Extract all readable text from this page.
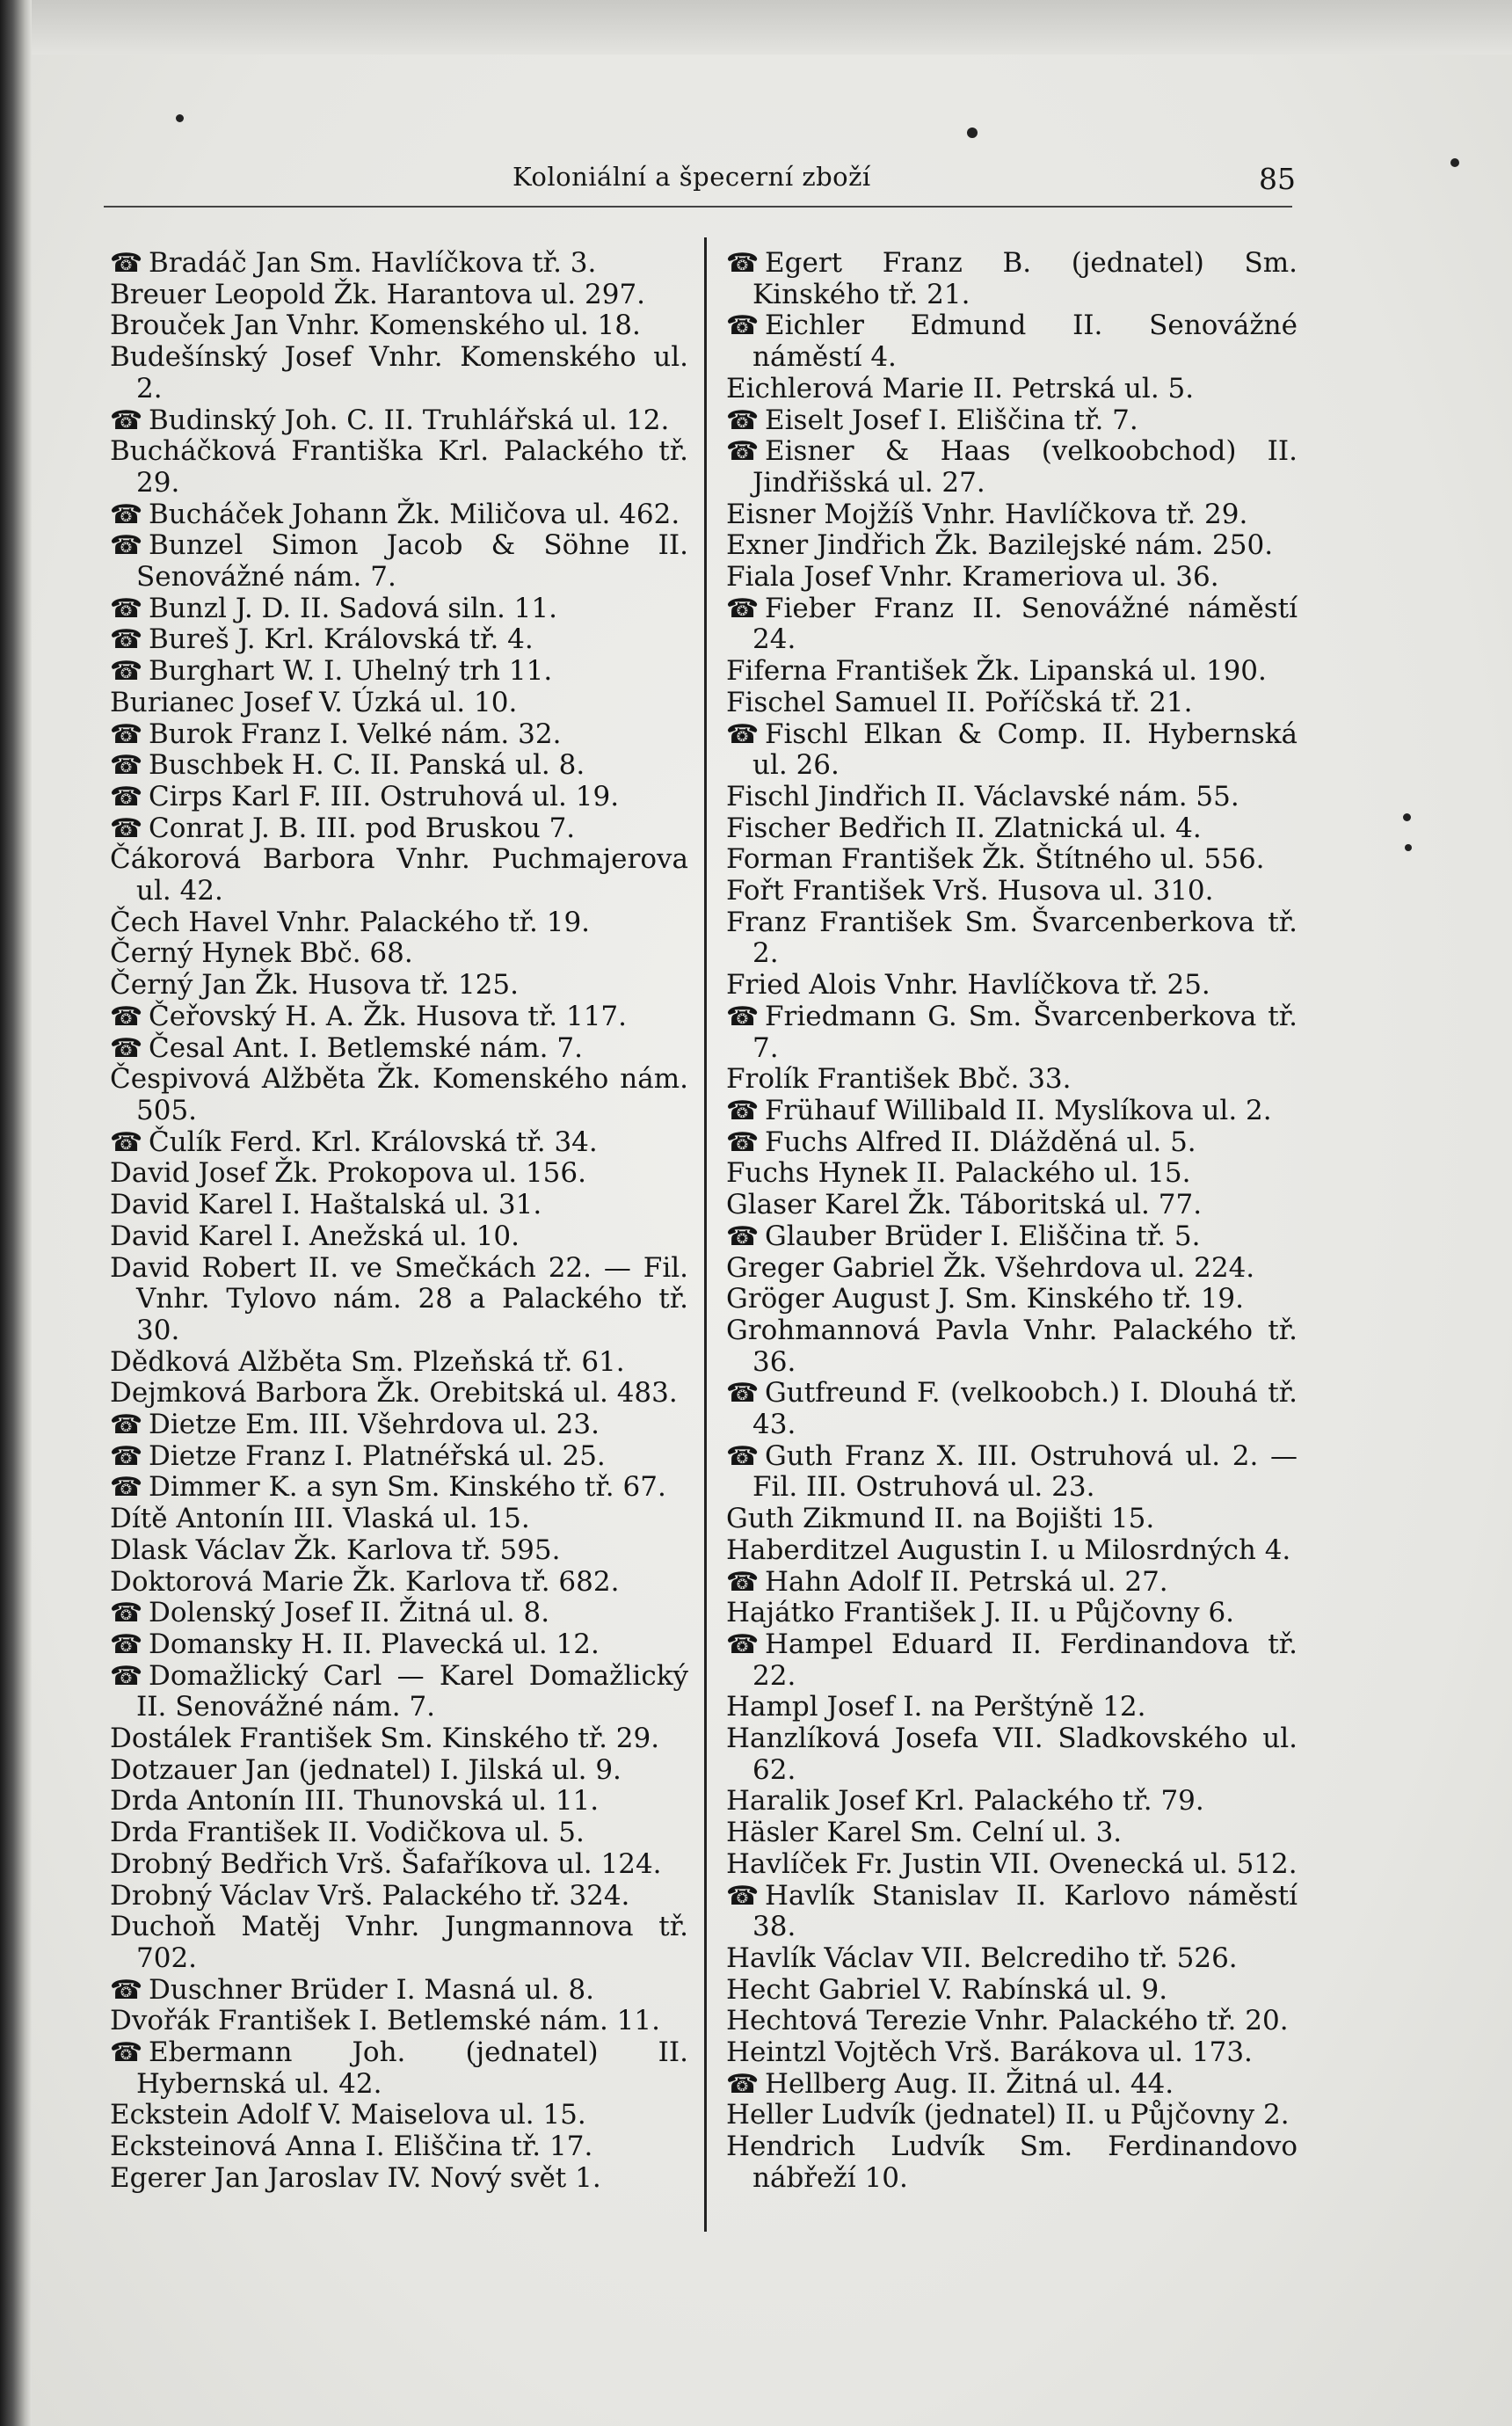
Koloniální a špecerní zboží	85

☎ Bradáč Jan Sm. Havlíčkova tř. 3.

Breuer Leopold Žk. Harantova ul. 297.

Brouček Jan Vnhr. Komenského ul. 18.

Budešínský Josef Vnhr. Komenského ul. 2.

☎ Budinský Joh. C. II. Truhlářská ul. 12.

Bucháčková Františka Krl. Palackého tř. 29.

☎ Bucháček Johann Žk. Miličova ul. 462.

☎ Bunzel Simon Jacob & Söhne II. Senovážné nám. 7.

☎ Bunzl J. D. II. Sadová siln. 11.

☎ Bureš J. Krl. Královská tř. 4.

☎ Burghart W. I. Uhelný trh 11.

Burianec Josef V. Úzká ul. 10.

☎ Burok Franz I. Velké nám. 32.

☎ Buschbek H. C. II. Panská ul. 8.

☎ Cirps Karl F. III. Ostruhová ul. 19.

☎ Conrat J. B. III. pod Bruskou 7.

Čákorová Barbora Vnhr. Puchmajerova ul. 42.

Čech Havel Vnhr. Palackého tř. 19.

Černý Hynek Bbč. 68.

Černý Jan Žk. Husova tř. 125.

☎ Čeřovský H. A. Žk. Husova tř. 117.

☎ Česal Ant. I. Betlemské nám. 7.

Čespivová Alžběta Žk. Komenského nám. 505.

☎ Čulík Ferd. Krl. Královská tř. 34.

David Josef Žk. Prokopova ul. 156.

David Karel I. Haštalská ul. 31.

David Karel I. Anežská ul. 10.

David Robert II. ve Smečkách 22. — Fil. Vnhr. Tylovo nám. 28 a Palackého tř. 30.

Dědková Alžběta Sm. Plzeňská tř. 61.

Dejmková Barbora Žk. Orebitská ul. 483.

☎ Dietze Em. III. Všehrdova ul. 23.

☎ Dietze Franz I. Platnéřská ul. 25.

☎ Dimmer K. a syn Sm. Kinského tř. 67.

Dítě Antonín III. Vlaská ul. 15.

Dlask Václav Žk. Karlova tř. 595.

Doktorová Marie Žk. Karlova tř. 682.

☎ Dolenský Josef II. Žitná ul. 8.

☎ Domansky H. II. Plavecká ul. 12.

☎ Domažlický Carl — Karel Domažlický II. Senovážné nám. 7.

Dostálek František Sm. Kinského tř. 29.

Dotzauer Jan (jednatel) I. Jilská ul. 9.

Drda Antonín III. Thunovská ul. 11.

Drda František II. Vodičkova ul. 5.

Drobný Bedřich Vrš. Šafaříkova ul. 124.

Drobný Václav Vrš. Palackého tř. 324.

Duchoň Matěj Vnhr. Jungmannova tř. 702.

☎ Duschner Brüder I. Masná ul. 8.

Dvořák František I. Betlemské nám. 11.

☎ Ebermann Joh. (jednatel) II. Hybernská ul. 42.

Eckstein Adolf V. Maiselova ul. 15.

Ecksteinová Anna I. Eliščina tř. 17.

Egerer Jan Jaroslav IV. Nový svět 1.

☎ Egert Franz B. (jednatel) Sm. Kinského tř. 21.

☎ Eichler Edmund II. Senovážné náměstí 4.

Eichlerová Marie II. Petrská ul. 5.

☎ Eiselt Josef I. Eliščina tř. 7.

☎ Eisner & Haas (velkoobchod) II. Jindřišská ul. 27.

Eisner Mojžíš Vnhr. Havlíčkova tř. 29.

Exner Jindřich Žk. Bazilejské nám. 250.

Fiala Josef Vnhr. Krameriova ul. 36.

☎ Fieber Franz II. Senovážné náměstí 24.

Fiferna František Žk. Lipanská ul. 190.

Fischel Samuel II. Poříčská tř. 21.

☎ Fischl Elkan & Comp. II. Hybernská ul. 26.

Fischl Jindřich II. Václavské nám. 55.

Fischer Bedřich II. Zlatnická ul. 4.

Forman František Žk. Štítného ul. 556.

Fořt František Vrš. Husova ul. 310.

Franz František Sm. Švarcenberkova tř. 2.

Fried Alois Vnhr. Havlíčkova tř. 25.

☎ Friedmann G. Sm. Švarcenberkova tř. 7.

Frolík František Bbč. 33.

☎ Frühauf Willibald II. Myslíkova ul. 2.

☎ Fuchs Alfred II. Dlážděná ul. 5.

Fuchs Hynek II. Palackého ul. 15.

Glaser Karel Žk. Táboritská ul. 77.

☎ Glauber Brüder I. Eliščina tř. 5.

Greger Gabriel Žk. Všehrdova ul. 224.

Gröger August J. Sm. Kinského tř. 19.

Grohmannová Pavla Vnhr. Palackého tř. 36.

☎ Gutfreund F. (velkoobch.) I. Dlouhá tř. 43.

☎ Guth Franz X. III. Ostruhová ul. 2. — Fil. III. Ostruhová ul. 23.

Guth Zikmund II. na Bojišti 15.

Haberditzel Augustin I. u Milosrdných 4.

☎ Hahn Adolf II. Petrská ul. 27.

Hajátko František J. II. u Půjčovny 6.

☎ Hampel Eduard II. Ferdinandova tř. 22.

Hampl Josef I. na Perštýně 12.

Hanzlíková Josefa VII. Sladkovského ul. 62.

Haralik Josef Krl. Palackého tř. 79.

Häsler Karel Sm. Celní ul. 3.

Havlíček Fr. Justin VII. Ovenecká ul. 512.

☎ Havlík Stanislav II. Karlovo náměstí 38.

Havlík Václav VII. Belcrediho tř. 526.

Hecht Gabriel V. Rabínská ul. 9.

Hechtová Terezie Vnhr. Palackého tř. 20.

Heintzl Vojtěch Vrš. Barákova ul. 173.

☎ Hellberg Aug. II. Žitná ul. 44.

Heller Ludvík (jednatel) II. u Půjčovny 2.

Hendrich Ludvík Sm. Ferdinandovo nábřeží 10.
